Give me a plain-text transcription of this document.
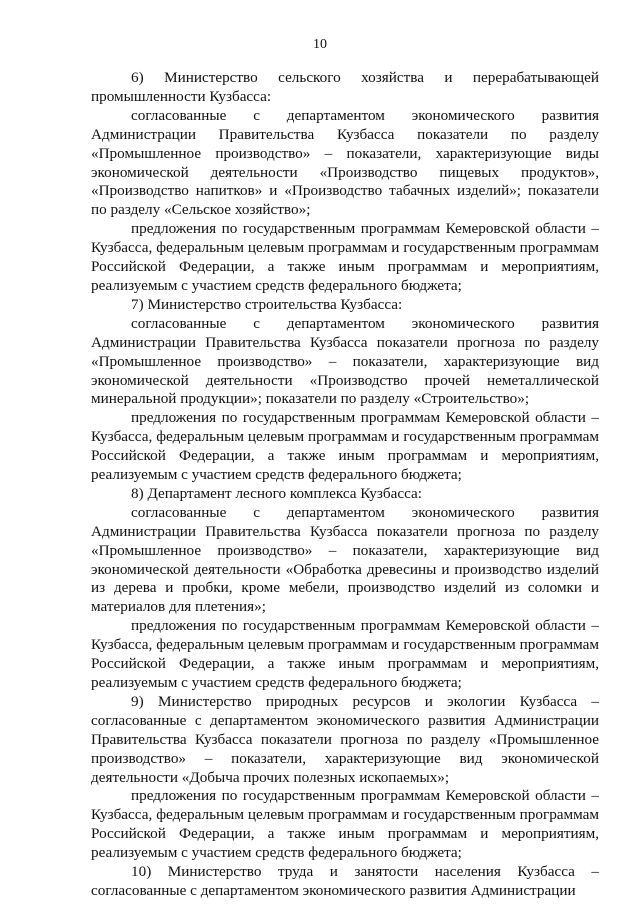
10

6) Министерство сельского хозяйства и перерабатывающей промышленности Кузбасса:

согласованные с департаментом экономического развития Администрации Правительства Кузбасса показатели по разделу «Промышленное производство» – показатели, характеризующие виды экономической деятельности «Производство пищевых продуктов», «Производство напитков» и «Производство табачных изделий»; показатели по разделу «Сельское хозяйство»;

предложения по государственным программам Кемеровской области – Кузбасса, федеральным целевым программам и государственным программам Российской Федерации, а также иным программам и мероприятиям, реализуемым с участием средств федерального бюджета;

7) Министерство строительства Кузбасса:

согласованные с департаментом экономического развития Администрации Правительства Кузбасса показатели прогноза по разделу «Промышленное производство» – показатели, характеризующие вид экономической деятельности «Производство прочей неметаллической минеральной продукции»; показатели по разделу «Строительство»;

предложения по государственным программам Кемеровской области – Кузбасса, федеральным целевым программам и государственным программам Российской Федерации, а также иным программам и мероприятиям, реализуемым с участием средств федерального бюджета;

8) Департамент лесного комплекса Кузбасса:

согласованные с департаментом экономического развития Администрации Правительства Кузбасса показатели прогноза по разделу «Промышленное производство» – показатели, характеризующие вид экономической деятельности «Обработка древесины и производство изделий из дерева и пробки, кроме мебели, производство изделий из соломки и материалов для плетения»;

предложения по государственным программам Кемеровской области – Кузбасса, федеральным целевым программам и государственным программам Российской Федерации, а также иным программам и мероприятиям, реализуемым с участием средств федерального бюджета;

9) Министерство природных ресурсов и экологии Кузбасса – согласованные с департаментом экономического развития Администрации Правительства Кузбасса показатели прогноза по разделу «Промышленное производство» – показатели, характеризующие вид экономической деятельности «Добыча прочих полезных ископаемых»;

предложения по государственным программам Кемеровской области – Кузбасса, федеральным целевым программам и государственным программам Российской Федерации, а также иным программам и мероприятиям, реализуемым с участием средств федерального бюджета;

10) Министерство труда и занятости населения Кузбасса – согласованные с департаментом экономического развития Администрации
